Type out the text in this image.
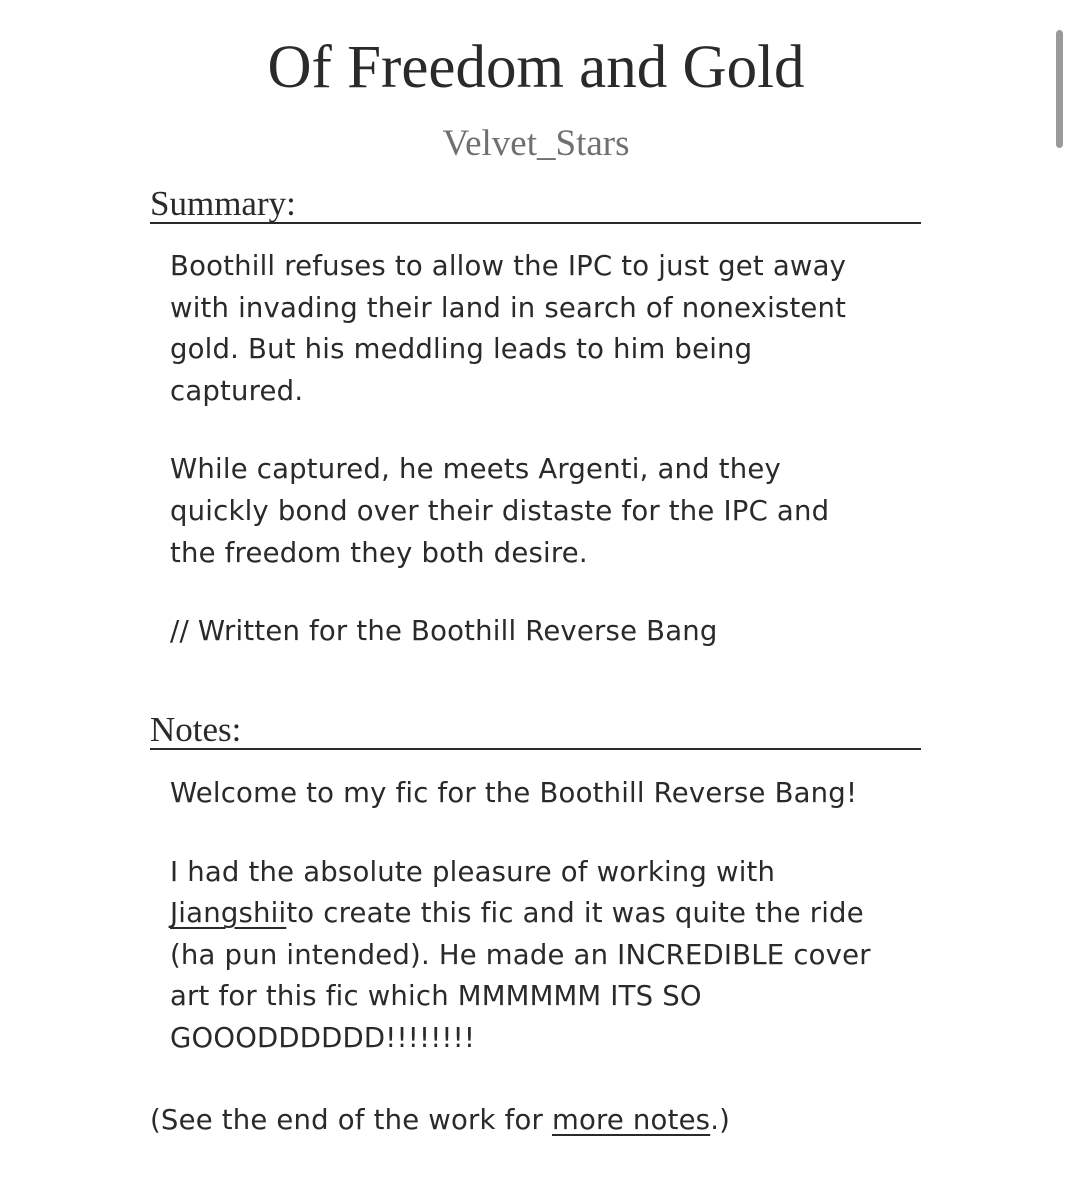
Of Freedom and Gold
Velvet_Stars
Summary:

Boothill refuses to allow the IPC to just get away with invading their land in search of nonexistent gold. But his meddling leads to him being captured.

While captured, he meets Argenti, and they quickly bond over their distaste for the IPC and the freedom they both desire.

// Written for the Boothill Reverse Bang

Notes:

Welcome to my fic for the Boothill Reverse Bang!

I had the absolute pleasure of working with Jiangshiito create this fic and it was quite the ride (ha pun intended). He made an INCREDIBLE cover art for this fic which MMMMMM ITS SO GOOODDDDDD!!!!!!!!

(See the end of the work for more notes.)
